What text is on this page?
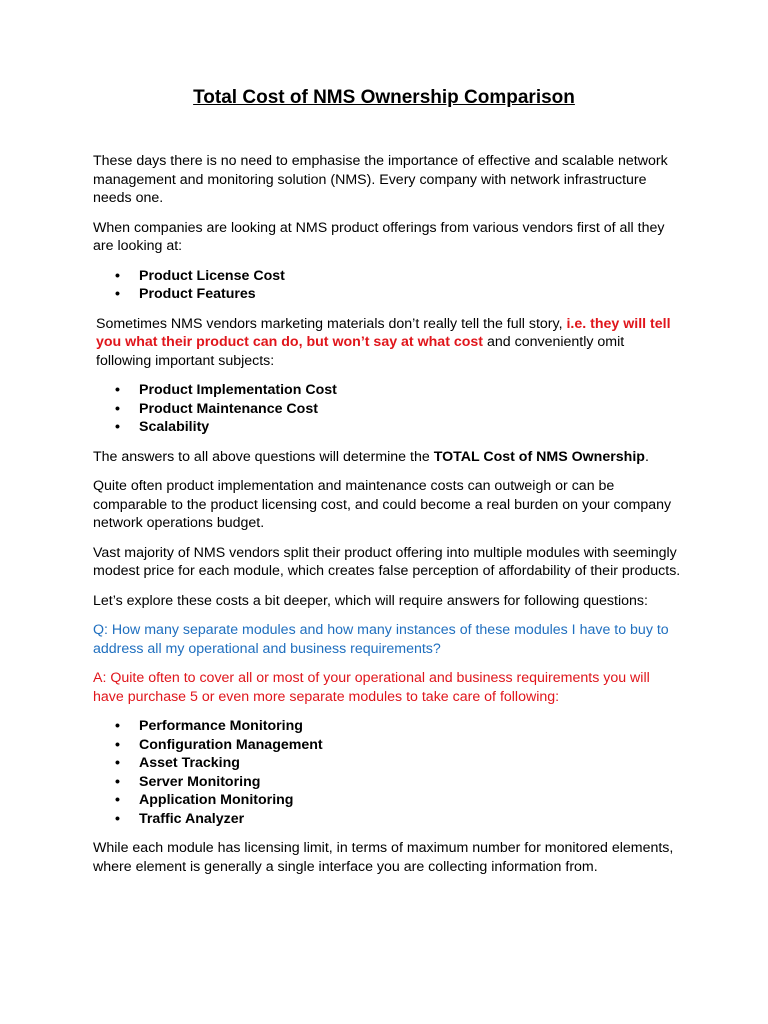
Total Cost of NMS Ownership Comparison

These days there is no need to emphasise the importance of effective and scalable network management and monitoring solution (NMS). Every company with network infrastructure needs one.

When companies are looking at NMS product offerings from various vendors first of all they are looking at:

• Product License Cost
• Product Features

Sometimes NMS vendors marketing materials don’t really tell the full story, i.e. they will tell you what their product can do, but won’t say at what cost and conveniently omit following important subjects:

• Product Implementation Cost
• Product Maintenance Cost
• Scalability

The answers to all above questions will determine the TOTAL Cost of NMS Ownership.

Quite often product implementation and maintenance costs can outweigh or can be comparable to the product licensing cost, and could become a real burden on your company network operations budget.

Vast majority of NMS vendors split their product offering into multiple modules with seemingly modest price for each module, which creates false perception of affordability of their products.

Let’s explore these costs a bit deeper, which will require answers for following questions:

Q: How many separate modules and how many instances of these modules I have to buy to address all my operational and business requirements?

A: Quite often to cover all or most of your operational and business requirements you will have purchase 5 or even more separate modules to take care of following:

• Performance Monitoring
• Configuration Management
• Asset Tracking
• Server Monitoring
• Application Monitoring
• Traffic Analyzer

While each module has licensing limit, in terms of maximum number for monitored elements, where element is generally a single interface you are collecting information from.
